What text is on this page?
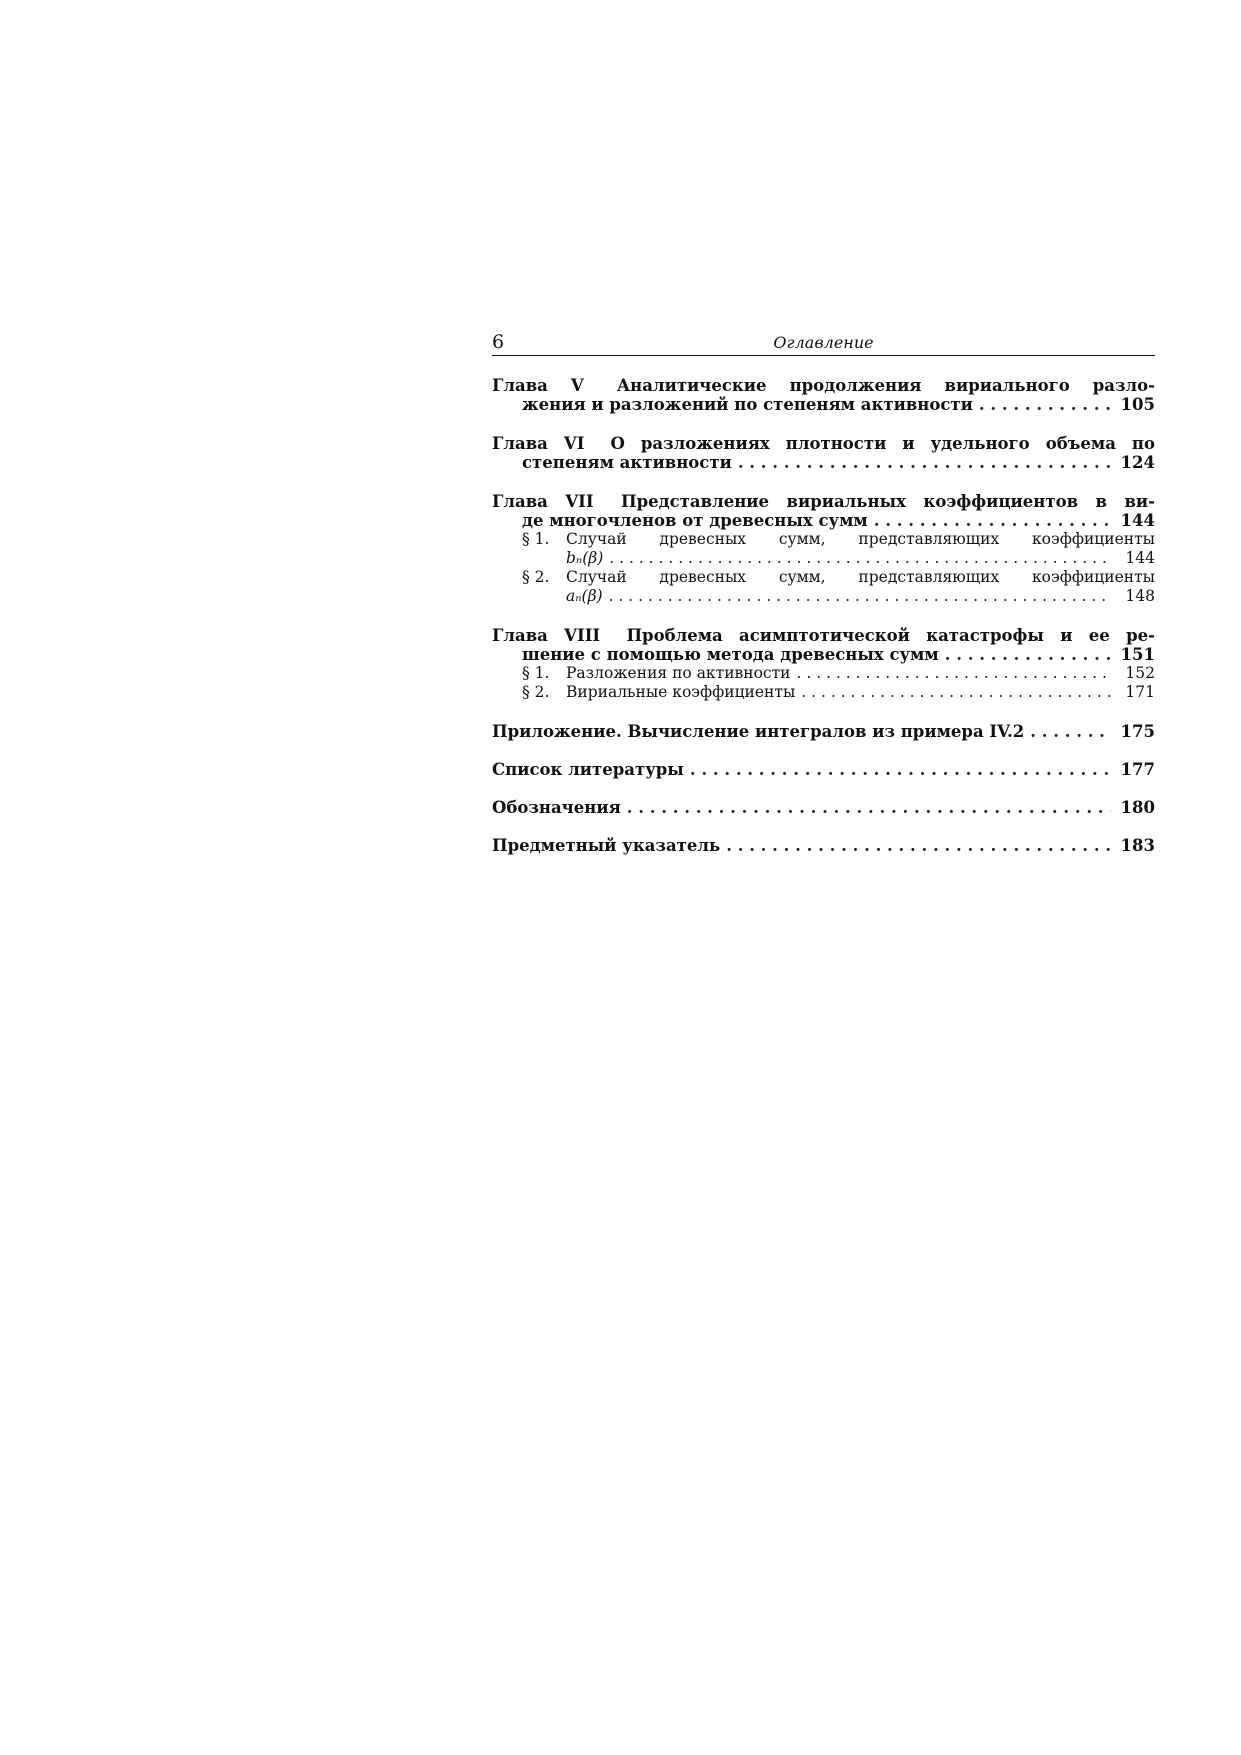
6	Оглавление
Глава V Аналитические продолжения вириального разло-
жения и разложений по степеням активности . . .	105
Глава VI О разложениях плотности и удельного объема по
степеням активности . . .	124
Глава VII Представление вириальных коэффициентов в ви-
де многочленов от древесных сумм . . .	144
§ 1. Случай древесных сумм, представляющих коэффициенты
bₙ(β) . . .	144
§ 2. Случай древесных сумм, представляющих коэффициенты
aₙ(β) . . .	148
Глава VIII Проблема асимптотической катастрофы и ее ре-
шение с помощью метода древесных сумм . . .	151
§ 1. Разложения по активности . . .	152
§ 2. Вириальные коэффициенты . . .	171
Приложение. Вычисление интегралов из примера IV.2 . . .	175
Список литературы . . .	177
Обозначения . . .	180
Предметный указатель . . .	183
